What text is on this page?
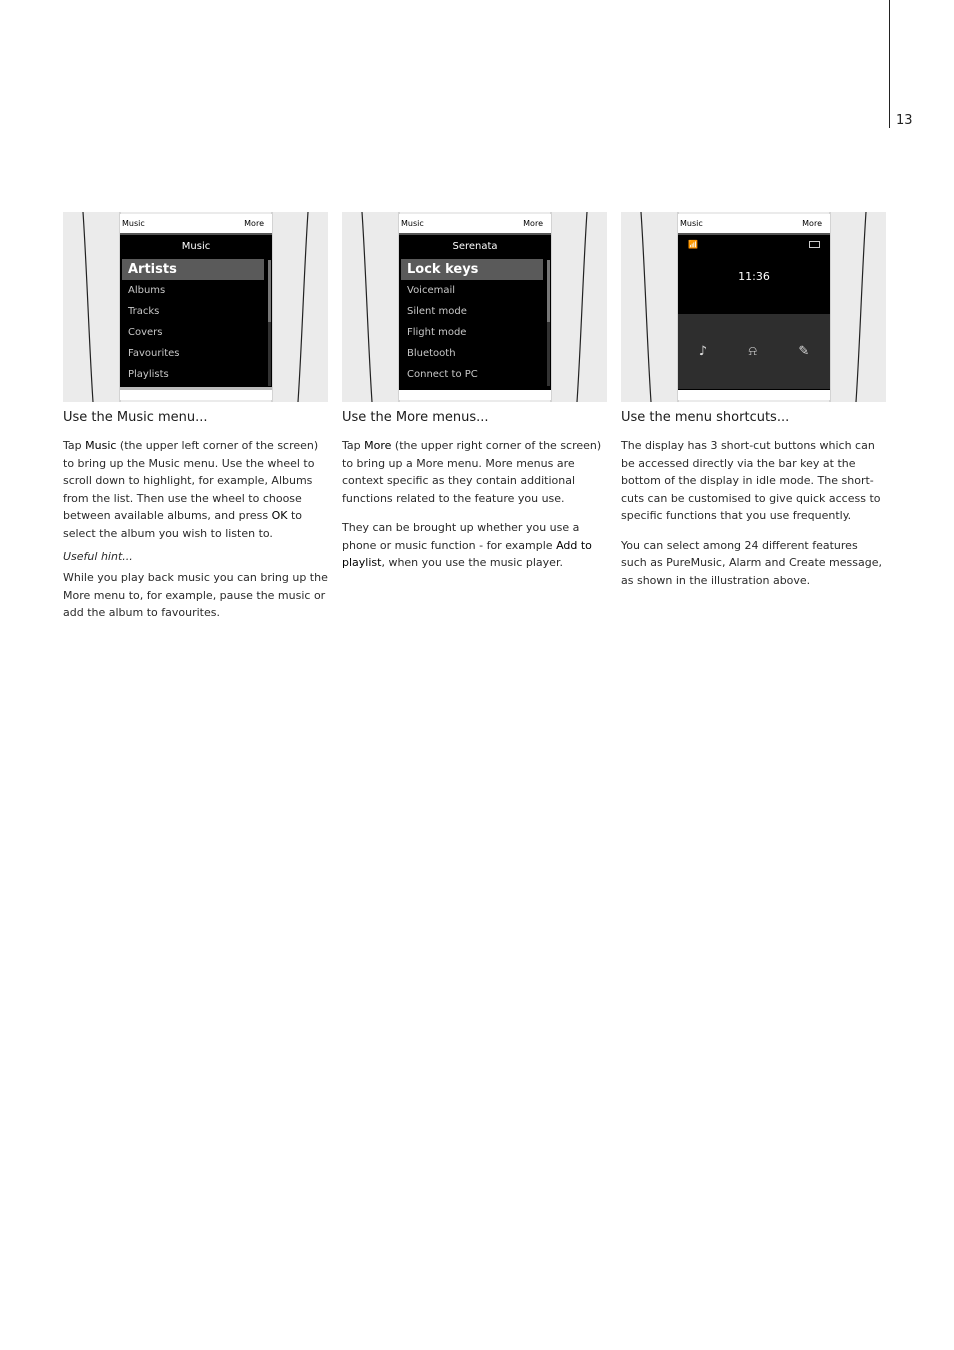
13
Music	More
Music
Artists
Albums
Tracks
Covers
Favourites
Playlists
Use the Music menu...
Tap Music (the upper left corner of the screen) to bring up the Music menu. Use the wheel to scroll down to highlight, for example, Albums from the list. Then use the wheel to choose between available albums, and press OK to select the album you wish to listen to.
Useful hint...
While you play back music you can bring up the More menu to, for example, pause the music or add the album to favourites.
Music	More
Serenata
Lock keys
Voicemail
Silent mode
Flight mode
Bluetooth
Connect to PC
Use the More menus...
Tap More (the upper right corner of the screen) to bring up a More menu. More menus are context specific as they contain additional functions related to the feature you use.
They can be brought up whether you use a phone or music function - for example Add to playlist, when you use the music player.
Music	More
📶
11:36
♪	⍾	✎
Use the menu shortcuts...
The display has 3 short-cut buttons which can be accessed directly via the bar key at the bottom of the display in idle mode. The short-cuts can be customised to give quick access to specific functions that you use frequently.
You can select among 24 different features such as PureMusic, Alarm and Create message, as shown in the illustration above.
